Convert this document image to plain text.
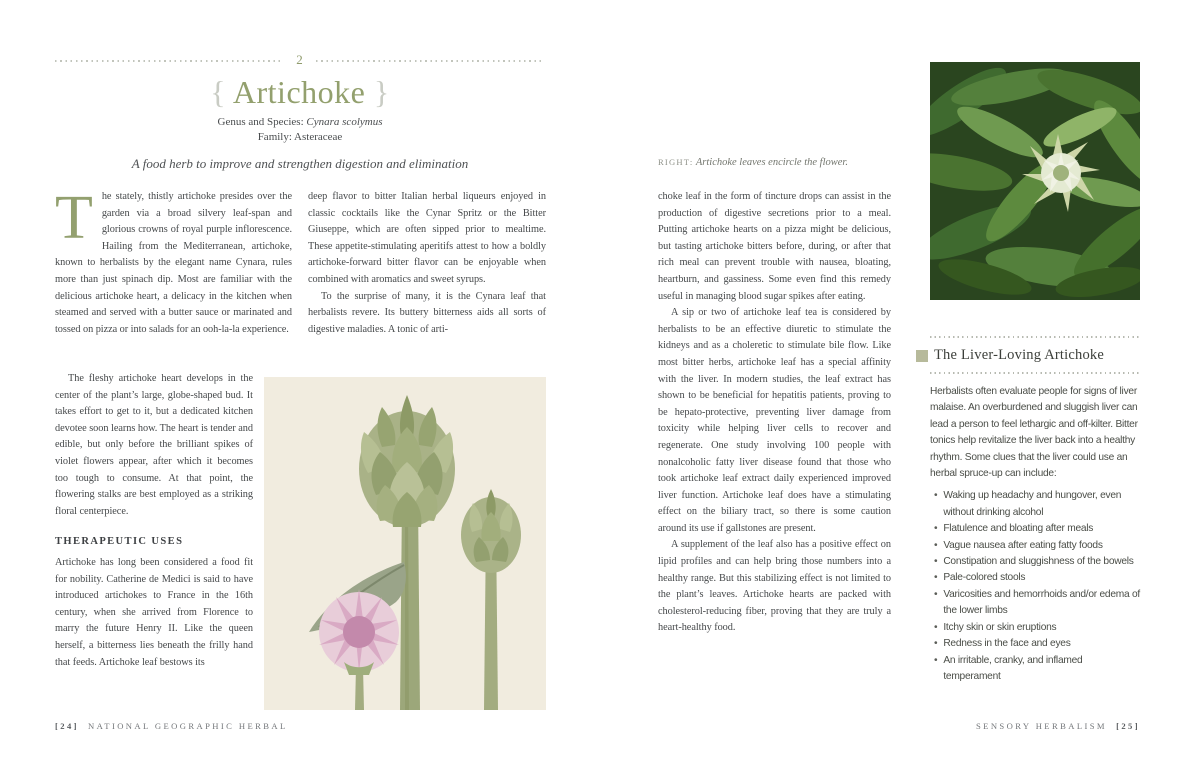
2
{ Artichoke }
Genus and Species: Cynara scolymus
Family: Asteraceae
A food herb to improve and strengthen digestion and elimination

The stately, thistly artichoke presides over the garden via a broad silvery leaf-span and glorious crowns of royal purple inflorescence. Hailing from the Mediterranean, artichoke, known to herbalists by the elegant name Cynara, rules more than just spinach dip. Most are familiar with the delicious artichoke heart, a delicacy in the kitchen when steamed and served with a butter sauce or marinated and tossed on pizza or into salads for an ooh-la-la experience.

The fleshy artichoke heart develops in the center of the plant’s large, globe-shaped bud. It takes effort to get to it, but a dedicated kitchen devotee soon learns how. The heart is tender and edible, but only before the brilliant spikes of violet flowers appear, after which it becomes too tough to consume. At that point, the flowering stalks are best employed as a striking floral centerpiece.

THERAPEUTIC USES

Artichoke has long been considered a food fit for nobility. Catherine de Medici is said to have introduced artichokes to France in the 16th century, when she arrived from Florence to marry the future Henry II. Like the queen herself, a bitterness lies beneath the frilly hand that feeds. Artichoke leaf bestows its

deep flavor to bitter Italian herbal liqueurs enjoyed in classic cocktails like the Cynar Spritz or the Bitter Giuseppe, which are often sipped prior to mealtime. These appetite-stimulating aperitifs attest to how a boldly artichoke-forward bitter flavor can be enjoyable when combined with aromatics and sweet syrups.

To the surprise of many, it is the Cynara leaf that herbalists revere. Its buttery bitterness aids all sorts of digestive maladies. A tonic of arti-

RIGHT: Artichoke leaves encircle the flower.

choke leaf in the form of tincture drops can assist in the production of digestive secretions prior to a meal. Putting artichoke hearts on a pizza might be delicious, but tasting artichoke bitters before, during, or after that rich meal can prevent trouble with nausea, bloating, heartburn, and gassiness. Some even find this remedy useful in managing blood sugar spikes after eating.

A sip or two of artichoke leaf tea is considered by herbalists to be an effective diuretic to stimulate the kidneys and as a choleretic to stimulate bile flow. Like most bitter herbs, artichoke leaf has a special affinity with the liver. In modern studies, the leaf extract has shown to be beneficial for hepatitis patients, proving to be hepato-protective, preventing liver damage from toxicity while helping liver cells to recover and regenerate. One study involving 100 people with nonalcoholic fatty liver disease found that those who took artichoke leaf extract daily experienced improved liver function. Artichoke leaf does have a stimulating effect on the biliary tract, so there is some caution around its use if gallstones are present.

A supplement of the leaf also has a positive effect on lipid profiles and can help bring those numbers into a healthy range. But this stabilizing effect is not limited to the plant’s leaves. Artichoke hearts are packed with cholesterol-reducing fiber, proving that they are truly a heart-healthy food.

The Liver-Loving Artichoke

Herbalists often evaluate people for signs of liver malaise. An overburdened and sluggish liver can lead a person to feel lethargic and off-kilter. Bitter tonics help revitalize the liver back into a healthy rhythm. Some clues that the liver could use an herbal spruce-up can include:

• Waking up headachy and hungover, even without drinking alcohol
• Flatulence and bloating after meals
• Vague nausea after eating fatty foods
• Constipation and sluggishness of the bowels
• Pale-colored stools
• Varicosities and hemorrhoids and/or edema of the lower limbs
• Itchy skin or skin eruptions
• Redness in the face and eyes
• An irritable, cranky, and inflamed temperament
[24] NATIONAL GEOGRAPHIC HERBAL	SENSORY HERBALISM [25]
